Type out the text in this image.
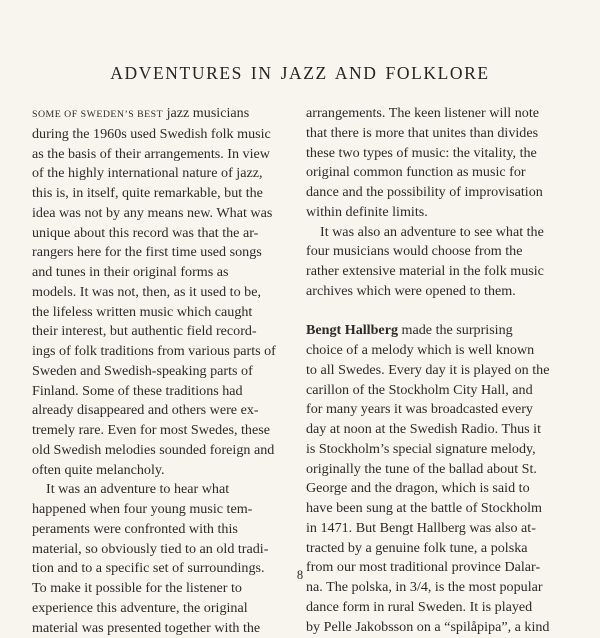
ADVENTURES IN JAZZ AND FOLKLORE
SOME OF SWEDEN’S BEST jazz musicians
during the 1960s used Swedish folk music
as the basis of their arrangements. In view
of the highly international nature of jazz,
this is, in itself, quite remarkable, but the
idea was not by any means new. What was
unique about this record was that the ar-
rangers here for the first time used songs
and tunes in their original forms as
models. It was not, then, as it used to be,
the lifeless written music which caught
their interest, but authentic field record-
ings of folk traditions from various parts of
Sweden and Swedish-speaking parts of
Finland. Some of these traditions had
already disappeared and others were ex-
tremely rare. Even for most Swedes, these
old Swedish melodies sounded foreign and
often quite melancholy.
It was an adventure to hear what
happened when four young music tem-
peraments were confronted with this
material, so obviously tied to an old tradi-
tion and to a specific set of surroundings.
To make it possible for the listener to
experience this adventure, the original
material was presented together with the
arrangements. The keen listener will note
that there is more that unites than divides
these two types of music: the vitality, the
original common function as music for
dance and the possibility of improvisation
within definite limits.
It was also an adventure to see what the
four musicians would choose from the
rather extensive material in the folk music
archives which were opened to them.
Bengt Hallberg made the surprising
choice of a melody which is well known
to all Swedes. Every day it is played on the
carillon of the Stockholm City Hall, and
for many years it was broadcasted every
day at noon at the Swedish Radio. Thus it
is Stockholm’s special signature melody,
originally the tune of the ballad about St.
George and the dragon, which is said to
have been sung at the battle of Stockholm
in 1471. But Bengt Hallberg was also at-
tracted by a genuine folk tune, a polska
from our most traditional province Dalar-
na. The polska, in 3/4, is the most popular
dance form in rural Sweden. It is played
by Pelle Jakobsson on a “spilåpipa”, a kind
8
